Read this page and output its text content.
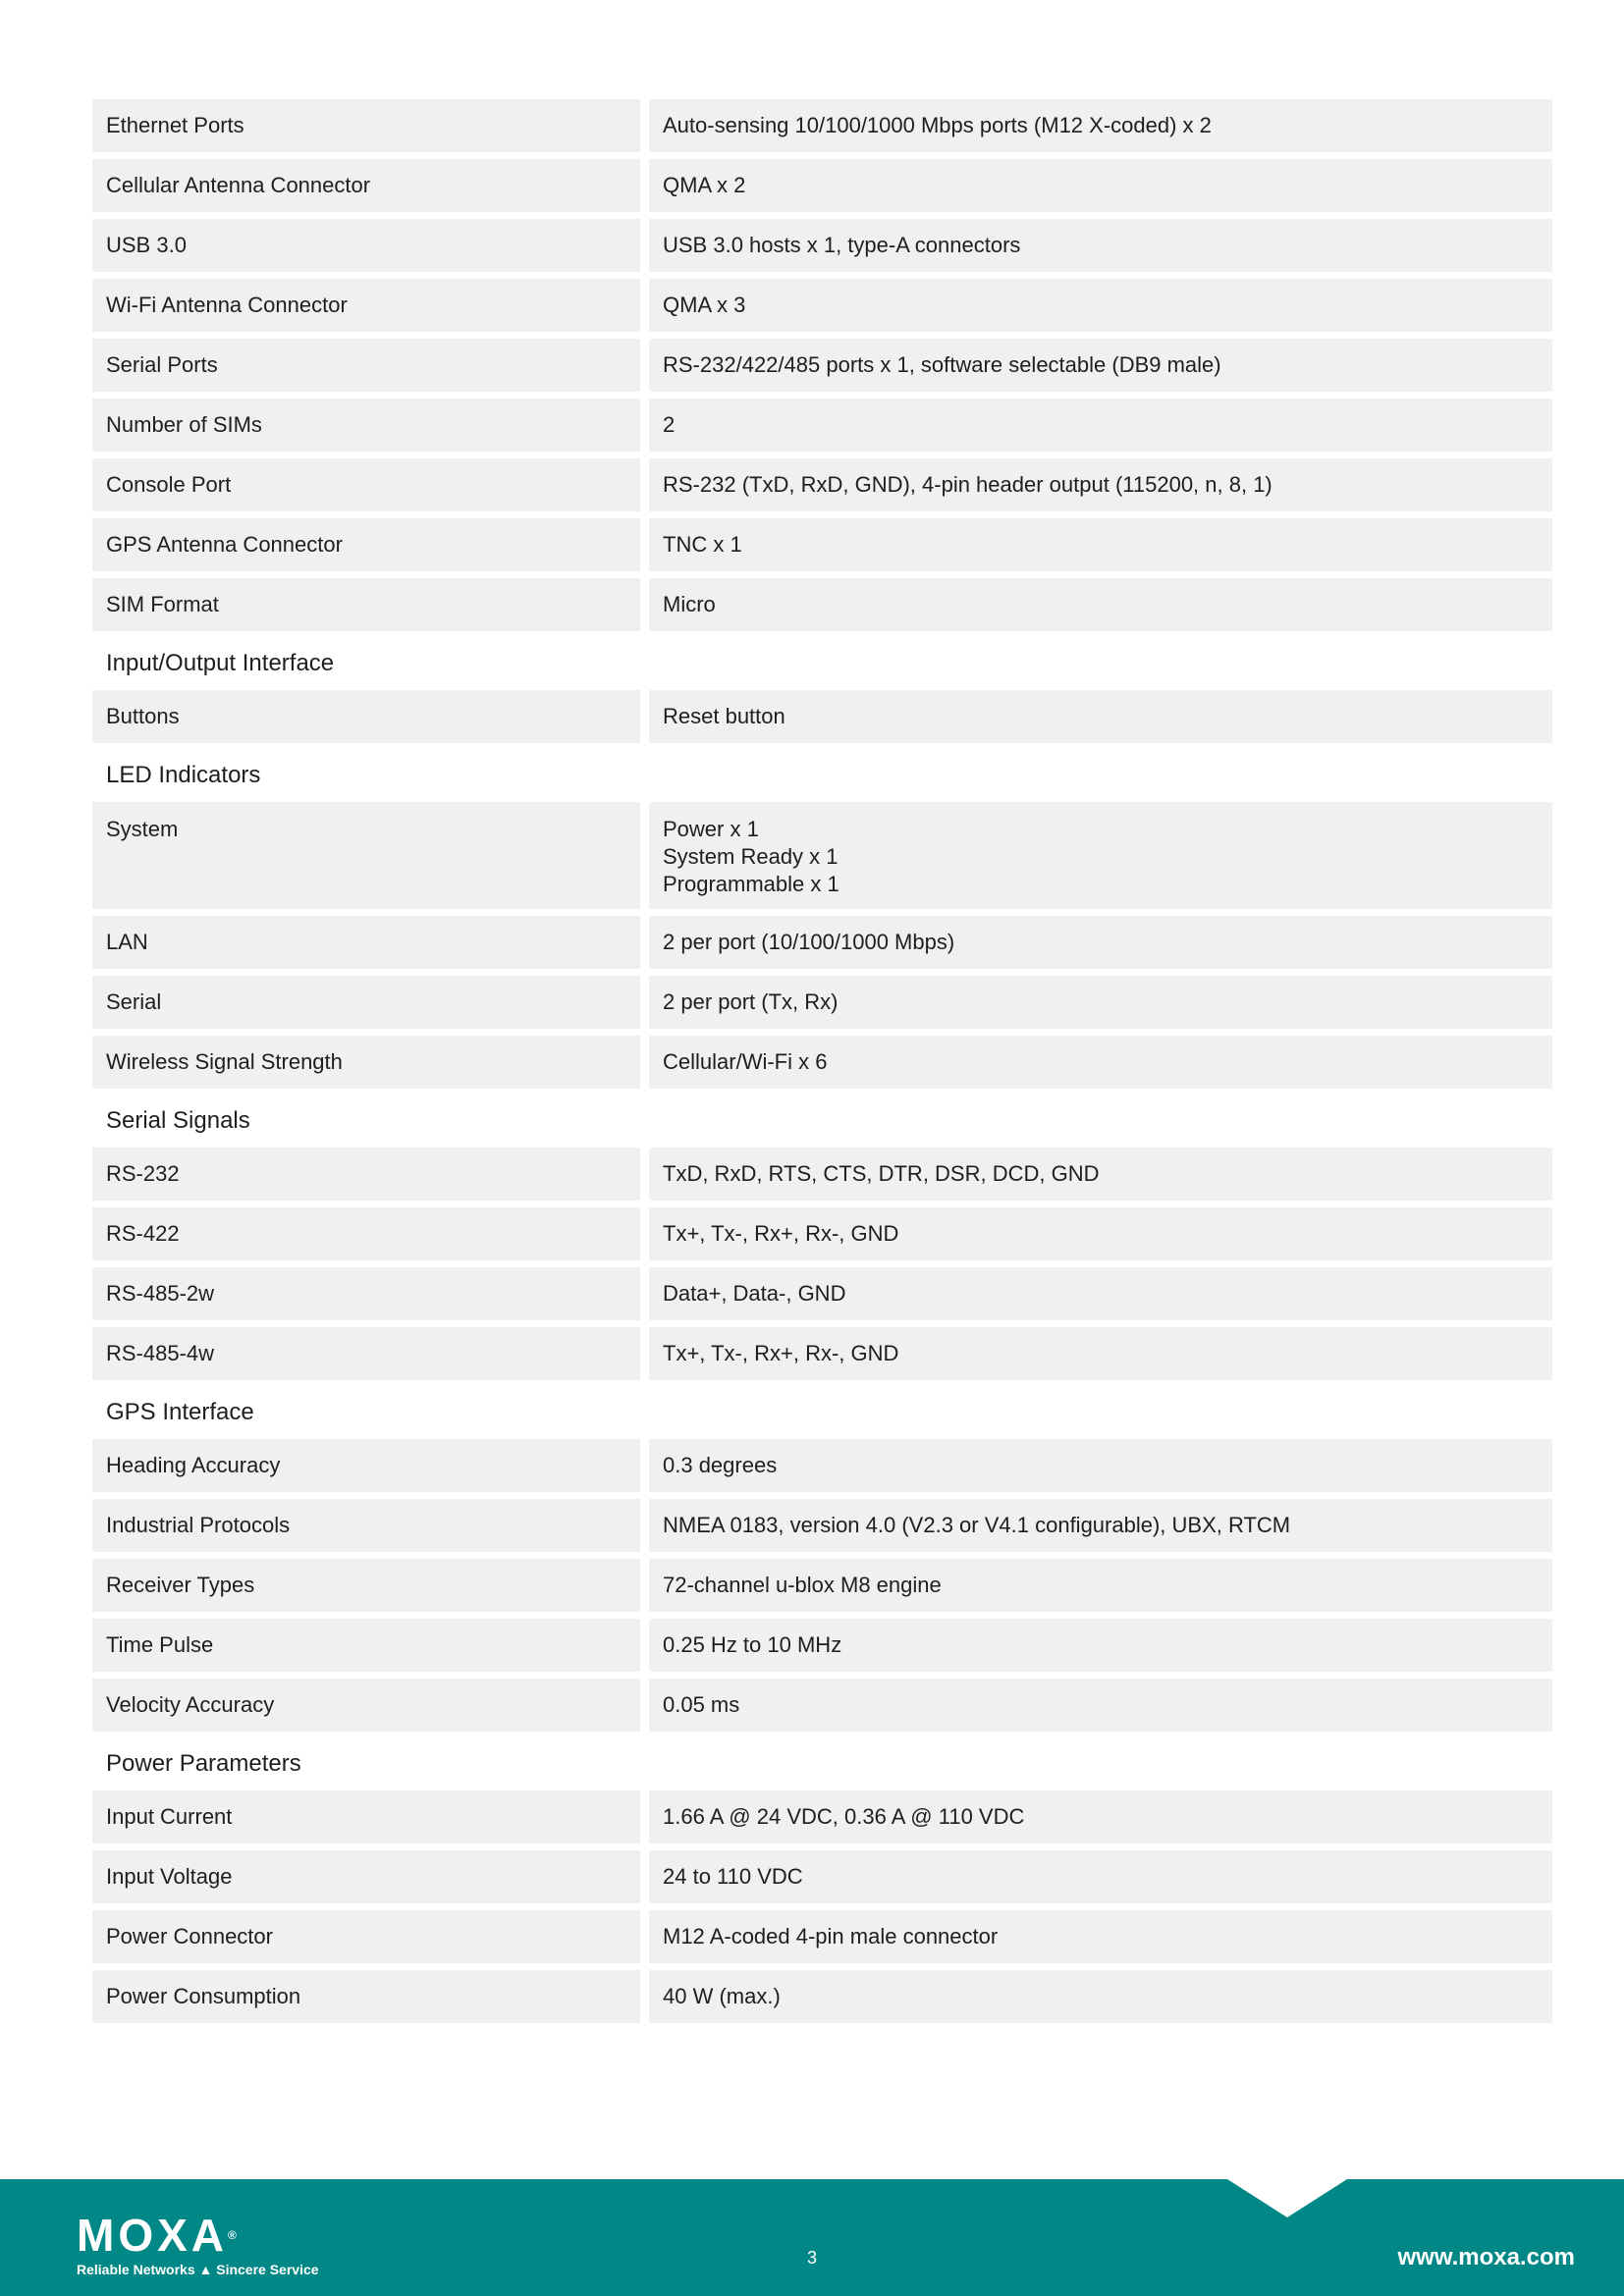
Ethernet Ports	Auto-sensing 10/100/1000 Mbps ports (M12 X-coded) x 2
Cellular Antenna Connector	QMA x 2
USB 3.0	USB 3.0 hosts x 1, type-A connectors
Wi-Fi Antenna Connector	QMA x 3
Serial Ports	RS-232/422/485 ports x 1, software selectable (DB9 male)
Number of SIMs	2
Console Port	RS-232 (TxD, RxD, GND), 4-pin header output (115200, n, 8, 1)
GPS Antenna Connector	TNC x 1
SIM Format	Micro
Input/Output Interface
Buttons	Reset button
LED Indicators
System	Power x 1
System Ready x 1
Programmable x 1
LAN	2 per port (10/100/1000 Mbps)
Serial	2 per port (Tx, Rx)
Wireless Signal Strength	Cellular/Wi-Fi x 6
Serial Signals
RS-232	TxD, RxD, RTS, CTS, DTR, DSR, DCD, GND
RS-422	Tx+, Tx-, Rx+, Rx-, GND
RS-485-2w	Data+, Data-, GND
RS-485-4w	Tx+, Tx-, Rx+, Rx-, GND
GPS Interface
Heading Accuracy	0.3 degrees
Industrial Protocols	NMEA 0183, version 4.0 (V2.3 or V4.1 configurable), UBX, RTCM
Receiver Types	72-channel u-blox M8 engine
Time Pulse	0.25 Hz to 10 MHz
Velocity Accuracy	0.05 ms
Power Parameters
Input Current	1.66 A @ 24 VDC, 0.36 A @ 110 VDC
Input Voltage	24 to 110 VDC
Power Connector	M12 A-coded 4-pin male connector
Power Consumption	40 W (max.)
MOXA®
Reliable Networks ▲ Sincere Service
3	www.moxa.com
